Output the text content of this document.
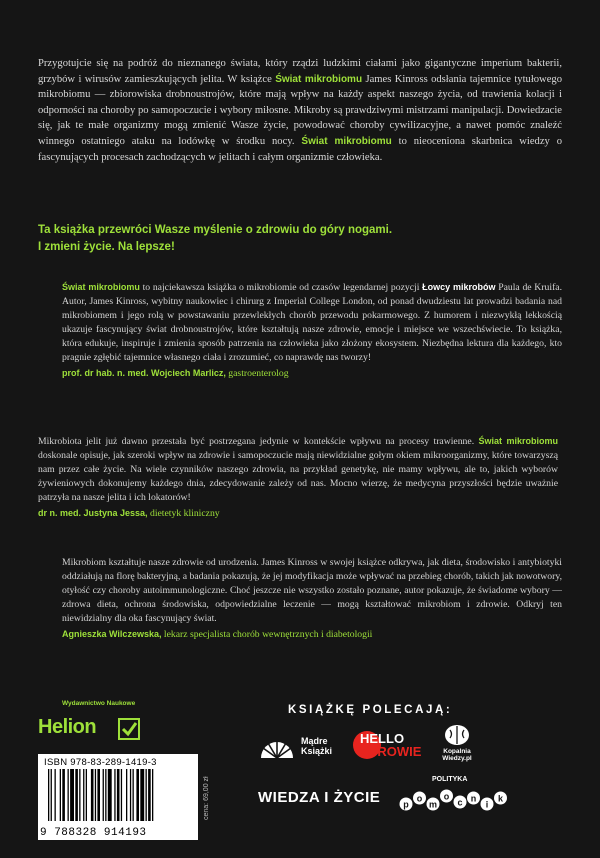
Przygotujcie się na podróż do nieznanego świata, który rządzi ludzkimi ciałami jako gigantyczne imperium bakterii, grzybów i wirusów zamieszkujących jelita. W książce Świat mikrobiomu James Kinross odsłania tajemnice tytułowego mikrobiomu — zbiorowiska drobnoustrojów, które mają wpływ na każdy aspekt naszego życia, od trawienia kolacji i odporności na choroby po samopoczucie i wybory miłosne. Mikroby są prawdziwymi mistrzami manipulacji. Dowiedzacie się, jak te małe organizmy mogą zmienić Wasze życie, powodować choroby cywilizacyjne, a nawet pomóc znaleźć winnego ostatniego ataku na lodówkę w środku nocy. Świat mikrobiomu to nieoceniona skarbnica wiedzy o fascynujących procesach zachodzących w jelitach i całym organizmie człowieka.
Ta książka przewróci Wasze myślenie o zdrowiu do góry nogami.
I zmieni życie. Na lepsze!
Świat mikrobiomu to najciekawsza książka o mikrobiomie od czasów legendarnej pozycji Łowcy mikrobów Paula de Kruifa. Autor, James Kinross, wybitny naukowiec i chirurg z Imperial College London, od ponad dwudziestu lat prowadzi badania nad mikrobiomem i jego rolą w powstawaniu przewlekłych chorób przewodu pokarmowego. Z humorem i niezwykłą lekkością ukazuje fascynujący świat drobnoustrojów, które kształtują nasze zdrowie, emocje i miejsce we wszechświecie. To książka, która edukuje, inspiruje i zmienia sposób patrzenia na człowieka jako złożony ekosystem. Niezbędna lektura dla każdego, kto pragnie zgłębić tajemnice własnego ciała i zrozumieć, co naprawdę nas tworzy!
prof. dr hab. n. med. Wojciech Marlicz, gastroenterolog
Mikrobiota jelit już dawno przestała być postrzegana jedynie w kontekście wpływu na procesy trawienne. Świat mikrobiomu doskonale opisuje, jak szeroki wpływ na zdrowie i samopoczucie mają niewidzialne gołym okiem mikroorganizmy, które towarzyszą nam przez całe życie. Na wiele czynników naszego zdrowia, na przykład genetykę, nie mamy wpływu, ale to, jakich wyborów żywieniowych dokonujemy każdego dnia, zdecydowanie zależy od nas. Mocno wierzę, że medycyna przyszłości będzie uważnie patrzyła na nasze jelita i ich lokatorów!
dr n. med. Justyna Jessa, dietetyk kliniczny
Mikrobiom kształtuje nasze zdrowie od urodzenia. James Kinross w swojej książce odkrywa, jak dieta, środowisko i antybiotyki oddziałują na florę bakteryjną, a badania pokazują, że jej modyfikacja może wpływać na przebieg chorób, takich jak nowotwory, otyłość czy choroby autoimmunologiczne. Choć jeszcze nie wszystko zostało poznane, autor pokazuje, że świadome wybory — zdrowa dieta, ochrona środowiska, odpowiedzialne leczenie — mogą kształtować mikrobiom i zdrowie. Odkryj ten niewidzialny dla oka fascynujący świat.
Agnieszka Wilczewska, lekarz specjalista chorób wewnętrznych i diabetologii
Wydawnictwo Naukowe
Helion
ISBN 978-83-289-1419-3
9 788328 914193
cena: 69,00 zł
KSIĄŻKĘ POLECAJĄ:
Mądre Książki
HELLO
ZDROWIE	Kopalnia Wiedzy.pl
WIEDZA I ŻYCIE
POLITYKA
p
o
m
o
c n
i
k
